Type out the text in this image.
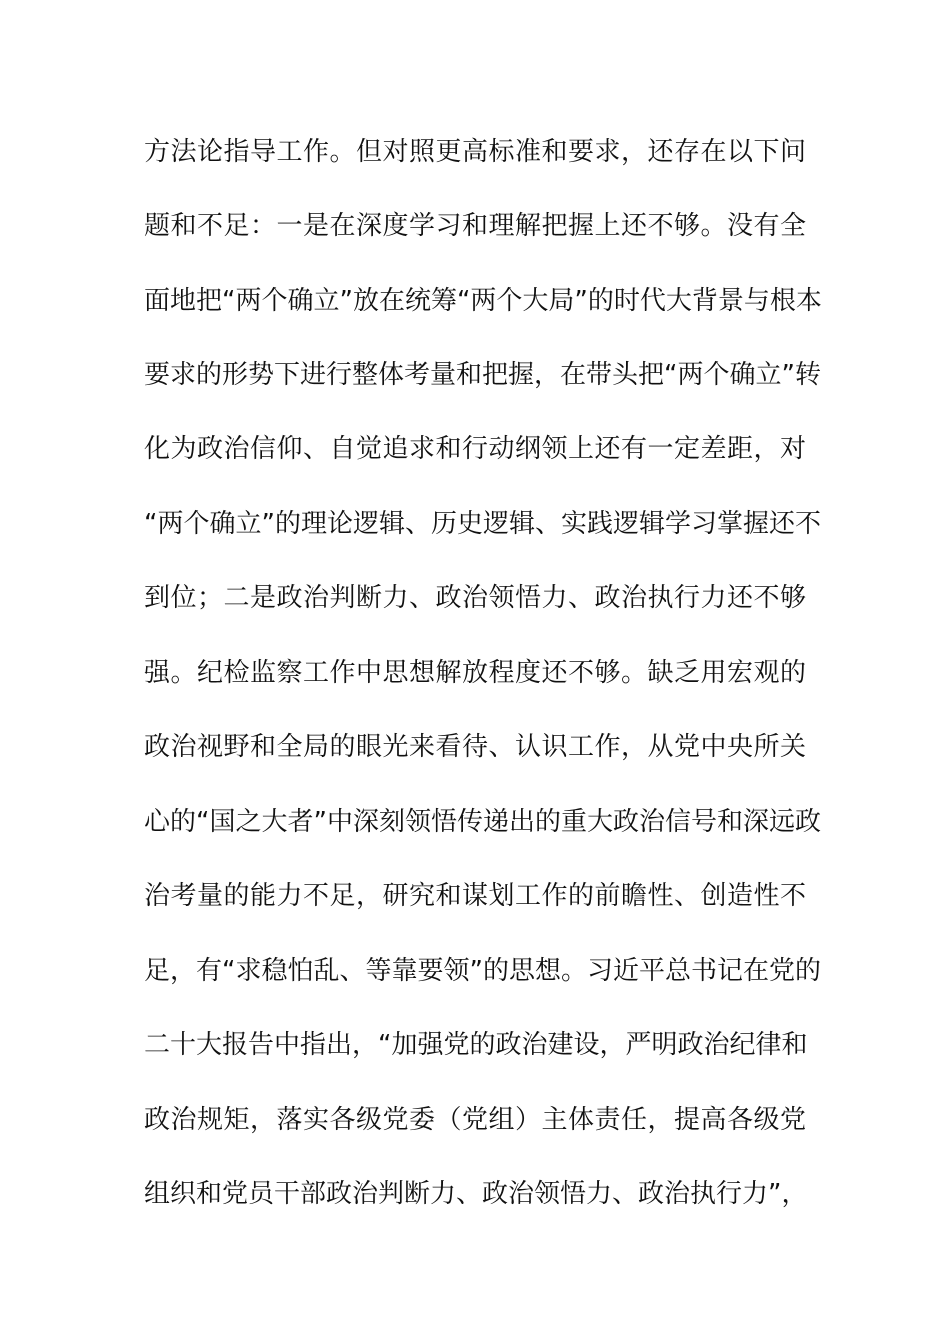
方法论指导工作。但对照更高标准和要求，还存在以下问
题和不足：一是在深度学习和理解把握上还不够。没有全
面地把“两个确立”放在统筹“两个大局”的时代大背景与根本
要求的形势下进行整体考量和把握，在带头把“两个确立”转
化为政治信仰、自觉追求和行动纲领上还有一定差距，对
“两个确立”的理论逻辑、历史逻辑、实践逻辑学习掌握还不
到位；二是政治判断力、政治领悟力、政治执行力还不够
强。纪检监察工作中思想解放程度还不够。缺乏用宏观的
政治视野和全局的眼光来看待、认识工作，从党中央所关
心的“国之大者”中深刻领悟传递出的重大政治信号和深远政
治考量的能力不足，研究和谋划工作的前瞻性、创造性不
足，有“求稳怕乱、等靠要领”的思想。习近平总书记在党的
二十大报告中指出，“加强党的政治建设，严明政治纪律和
政治规矩，落实各级党委（党组）主体责任，提高各级党
组织和党员干部政治判断力、政治领悟力、政治执行力”，
